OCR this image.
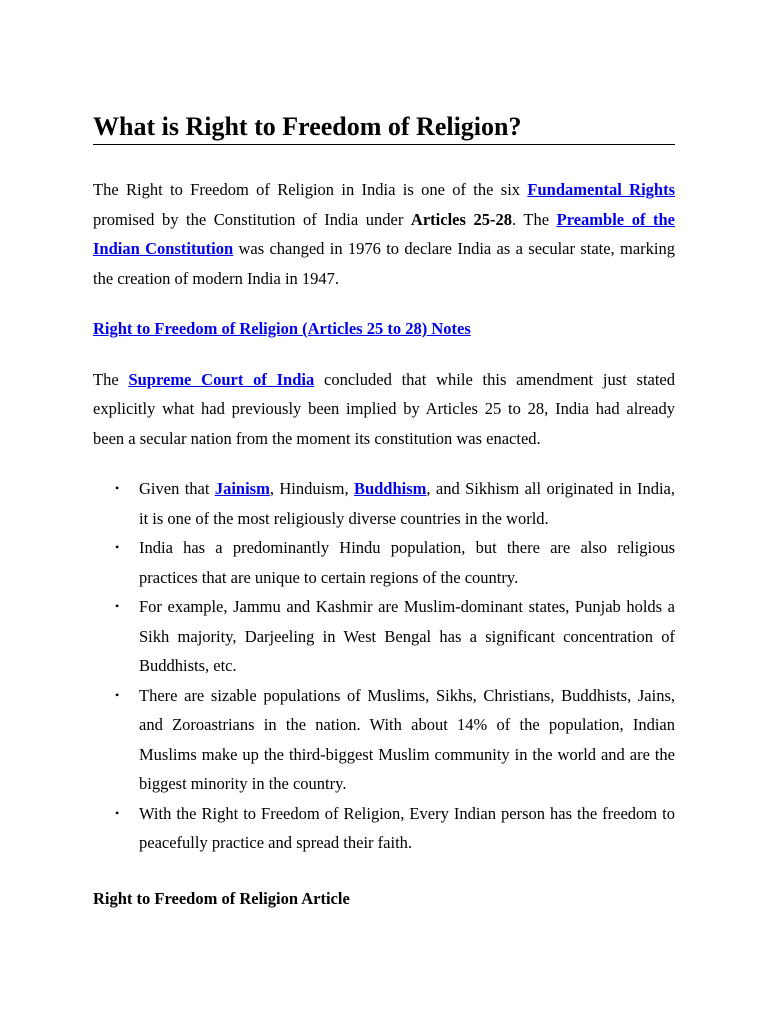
What is Right to Freedom of Religion?

The Right to Freedom of Religion in India is one of the six Fundamental Rights promised by the Constitution of India under Articles 25-28. The Preamble of the Indian Constitution was changed in 1976 to declare India as a secular state, marking the creation of modern India in 1947.

Right to Freedom of Religion (Articles 25 to 28) Notes

The Supreme Court of India concluded that while this amendment just stated explicitly what had previously been implied by Articles 25 to 28, India had already been a secular nation from the moment its constitution was enacted.

• Given that Jainism, Hinduism, Buddhism, and Sikhism all originated in India, it is one of the most religiously diverse countries in the world.
• India has a predominantly Hindu population, but there are also religious practices that are unique to certain regions of the country.
• For example, Jammu and Kashmir are Muslim-dominant states, Punjab holds a Sikh majority, Darjeeling in West Bengal has a significant concentration of Buddhists, etc.
• There are sizable populations of Muslims, Sikhs, Christians, Buddhists, Jains, and Zoroastrians in the nation. With about 14% of the population, Indian Muslims make up the third-biggest Muslim community in the world and are the biggest minority in the country.
• With the Right to Freedom of Religion, Every Indian person has the freedom to peacefully practice and spread their faith.
Right to Freedom of Religion Article
